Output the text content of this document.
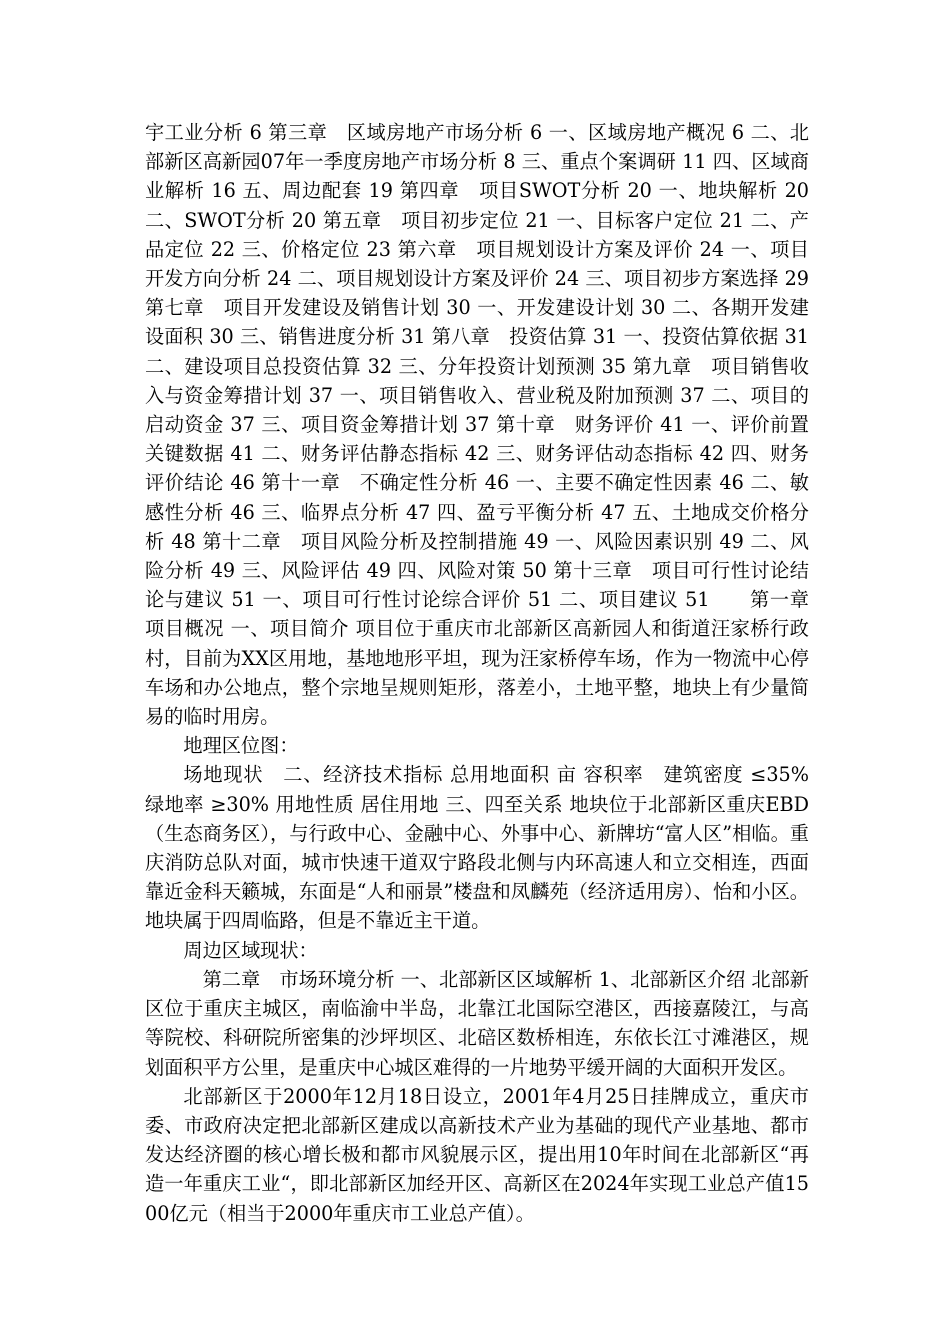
宇工业分析 6 第三章　区域房地产市场分析 6 一、区域房地产概况 6 二、北部新区高新园07年一季度房地产市场分析 8 三、重点个案调研 11 四、区域商业解析 16 五、周边配套 19 第四章　项目SWOT分析 20 一、地块解析 20 二、SWOT分析 20 第五章　项目初步定位 21 一、目标客户定位 21 二、产品定位 22 三、价格定位 23 第六章　项目规划设计方案及评价 24 一、项目开发方向分析 24 二、项目规划设计方案及评价 24 三、项目初步方案选择 29 第七章　项目开发建设及销售计划 30 一、开发建设计划 30 二、各期开发建设面积 30 三、销售进度分析 31 第八章　投资估算 31 一、投资估算依据 31 二、建设项目总投资估算 32 三、分年投资计划预测 35 第九章　项目销售收入与资金筹措计划 37 一、项目销售收入、营业税及附加预测 37 二、项目的启动资金 37 三、项目资金筹措计划 37 第十章　财务评价 41 一、评价前置关键数据 41 二、财务评估静态指标 42 三、财务评估动态指标 42 四、财务评价结论 46 第十一章　不确定性分析 46 一、主要不确定性因素 46 二、敏感性分析 46 三、临界点分析 47 四、盈亏平衡分析 47 五、土地成交价格分析 48 第十二章　项目风险分析及控制措施 49 一、风险因素识别 49 二、风险分析 49 三、风险评估 49 四、风险对策 50 第十三章　项目可行性讨论结论与建议 51 一、项目可行性讨论综合评价 51 二、项目建议 51　　第一章　项目概况 一、项目简介 项目位于重庆市北部新区高新园人和街道汪家桥行政村，目前为XX区用地，基地地形平坦，现为汪家桥停车场，作为一物流中心停车场和办公地点，整个宗地呈规则矩形，落差小，土地平整，地块上有少量简易的临时用房。

地理区位图：

场地现状　二、经济技术指标 总用地面积 亩 容积率　建筑密度 ≤35% 绿地率 ≥30% 用地性质 居住用地 三、四至关系 地块位于北部新区重庆EBD（生态商务区），与行政中心、金融中心、外事中心、新牌坊“富人区”相临。重庆消防总队对面，城市快速干道双宁路段北侧与内环高速人和立交相连，西面靠近金科天籁城，东面是“人和丽景”楼盘和凤麟苑（经济适用房）、怡和小区。地块属于四周临路，但是不靠近主干道。

周边区域现状：

　第二章　市场环境分析 一、北部新区区域解析 1、北部新区介绍 北部新区位于重庆主城区，南临渝中半岛，北靠江北国际空港区，西接嘉陵江，与高等院校、科研院所密集的沙坪坝区、北碚区数桥相连，东依长江寸滩港区，规划面积平方公里，是重庆中心城区难得的一片地势平缓开阔的大面积开发区。

北部新区于2000年12月18日设立，2001年4月25日挂牌成立，重庆市委、市政府决定把北部新区建成以高新技术产业为基础的现代产业基地、都市发达经济圈的核心增长极和都市风貌展示区，提出用10年时间在北部新区“再造一年重庆工业“，即北部新区加经开区、高新区在2024年实现工业总产值1500亿元（相当于2000年重庆市工业总产值）。
